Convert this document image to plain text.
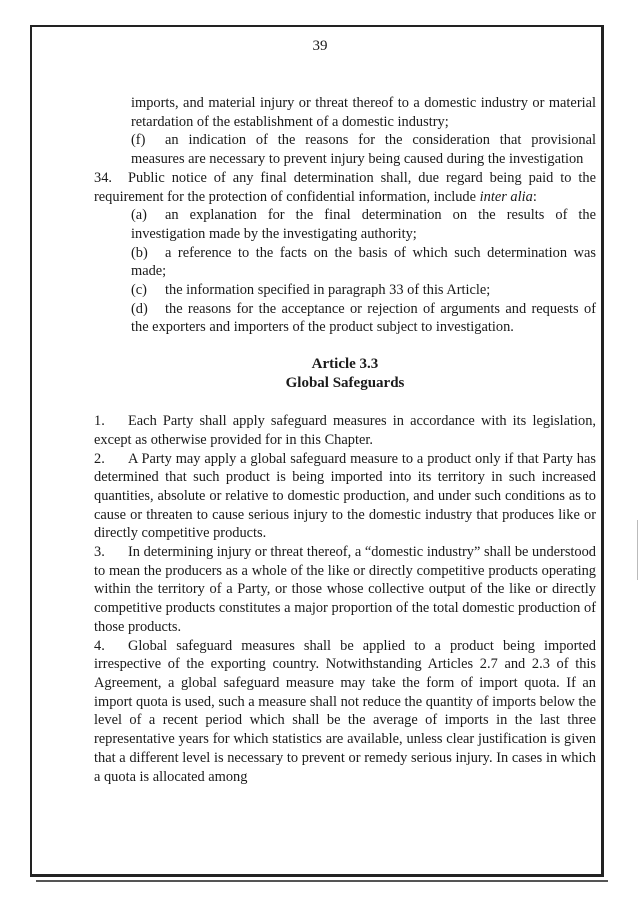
39

imports, and material injury or threat thereof to a domestic industry or material retardation of the establishment of a domestic industry;

(f) an indication of the reasons for the consideration that provisional measures are necessary to prevent injury being caused during the investigation

34. Public notice of any final determination shall, due regard being paid to the requirement for the protection of confidential information, include inter alia:

(a) an explanation for the final determination on the results of the investigation made by the investigating authority;

(b) a reference to the facts on the basis of which such determination was made;

(c) the information specified in paragraph 33 of this Article;

(d) the reasons for the acceptance or rejection of arguments and requests of the exporters and importers of the product subject to investigation.

Article 3.3

Global Safeguards

1. Each Party shall apply safeguard measures in accordance with its legislation, except as otherwise provided for in this Chapter.

2. A Party may apply a global safeguard measure to a product only if that Party has determined that such product is being imported into its territory in such increased quantities, absolute or relative to domestic production, and under such conditions as to cause or threaten to cause serious injury to the domestic industry that produces like or directly competitive products.

3. In determining injury or threat thereof, a “domestic industry” shall be understood to mean the producers as a whole of the like or directly competitive products operating within the territory of a Party, or those whose collective output of the like or directly competitive products constitutes a major proportion of the total domestic production of those products.

4. Global safeguard measures shall be applied to a product being imported irrespective of the exporting country. Notwithstanding Articles 2.7 and 2.3 of this Agreement, a global safeguard measure may take the form of import quota. If an import quota is used, such a measure shall not reduce the quantity of imports below the level of a recent period which shall be the average of imports in the last three representative years for which statistics are available, unless clear justification is given that a different level is necessary to prevent or remedy serious injury. In cases in which a quota is allocated among
